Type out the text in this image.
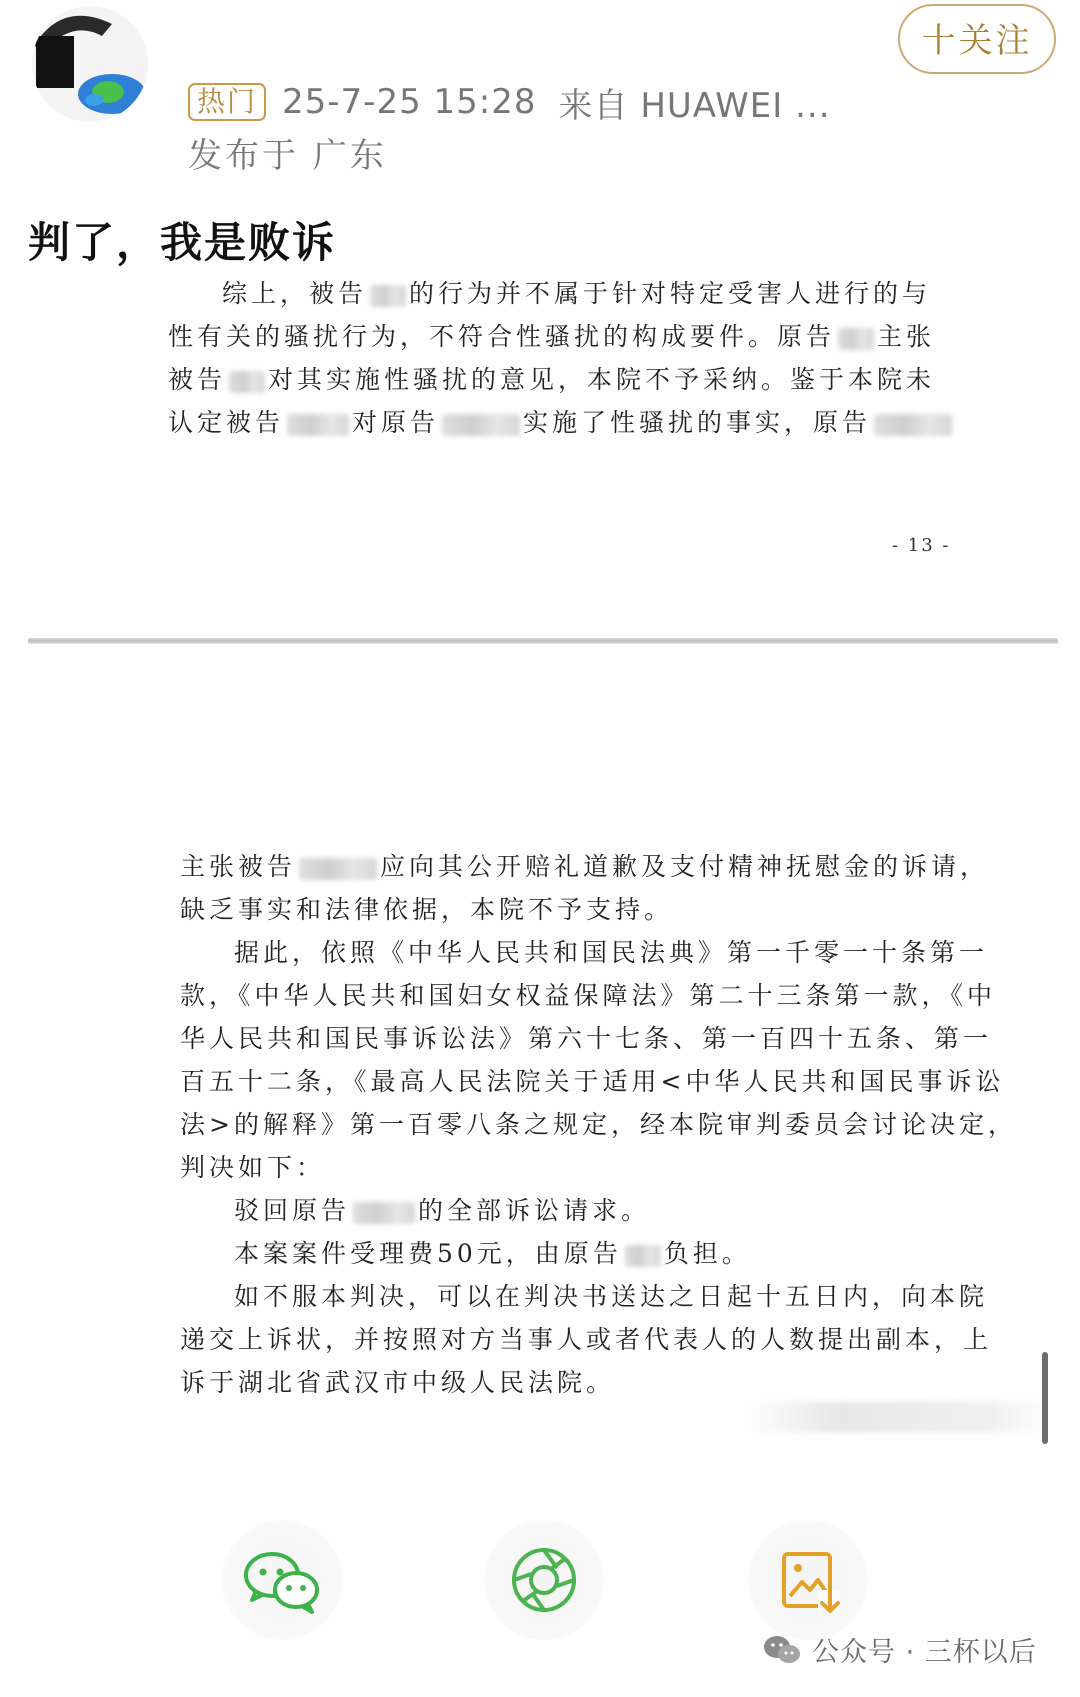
热门 25-7-25 15:28 来自 HUAWEI ...
发布于 广东
十关注
判了，我是败诉
综上，被告 的行为并不属于针对特定受害人进行的与
性有关的骚扰行为，不符合性骚扰的构成要件。原告 主张
被告 对其实施性骚扰的意见，本院不予采纳。鉴于本院未
认定被告	对原告	实施了性骚扰的事实，原告
- 13 -
主张被告	应向其公开赔礼道歉及支付精神抚慰金的诉请，
缺乏事实和法律依据，本院不予支持。
据此，依照《中华人民共和国民法典》第一千零一十条第一
款，《中华人民共和国妇女权益保障法》第二十三条第一款，《中
华人民共和国民事诉讼法》第六十七条、第一百四十五条、第一
百五十二条，《最高人民法院关于适用<中华人民共和国民事诉讼
法>的解释》第一百零八条之规定，经本院审判委员会讨论决定，
判决如下：
驳回原告	的全部诉讼请求。
本案案件受理费50元，由原告 负担。
如不服本判决，可以在判决书送达之日起十五日内，向本院
递交上诉状，并按照对方当事人或者代表人的人数提出副本，上
诉于湖北省武汉市中级人民法院。
公众号 · 三杯以后
